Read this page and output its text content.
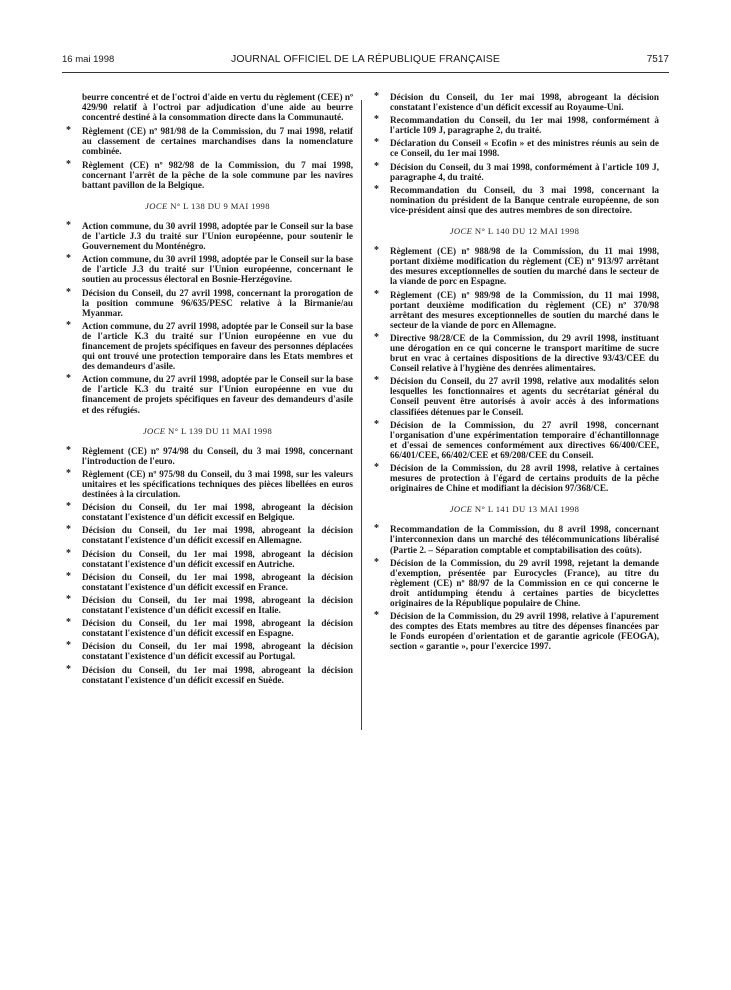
16 mai 1998	JOURNAL OFFICIEL DE LA RÉPUBLIQUE FRANÇAISE	7517
beurre concentré et de l'octroi d'aide en vertu du règlement (CEE) nº 429/90 relatif à l'octroi par adjudication d'une aide au beurre concentré destiné à la consommation directe dans la Communauté.
* Règlement (CE) nº 981/98 de la Commission, du 7 mai 1998, relatif au classement de certaines marchandises dans la nomenclature combinée.
* Règlement (CE) nº 982/98 de la Commission, du 7 mai 1998, concernant l'arrêt de la pêche de la sole commune par les navires battant pavillon de la Belgique.
JOCE N° L 138 DU 9 MAI 1998
* Action commune, du 30 avril 1998, adoptée par le Conseil sur la base de l'article J.3 du traité sur l'Union européenne, pour soutenir le Gouvernement du Monténégro.
* Action commune, du 30 avril 1998, adoptée par le Conseil sur la base de l'article J.3 du traité sur l'Union européenne, concernant le soutien au processus électoral en Bosnie-Herzégovine.
* Décision du Conseil, du 27 avril 1998, concernant la prorogation de la position commune 96/635/PESC relative à la Birmanie/au Myanmar.
* Action commune, du 27 avril 1998, adoptée par le Conseil sur la base de l'article K.3 du traité sur l'Union européenne en vue du financement de projets spécifiques en faveur des personnes déplacées qui ont trouvé une protection temporaire dans les Etats membres et des demandeurs d'asile.
* Action commune, du 27 avril 1998, adoptée par le Conseil sur la base de l'article K.3 du traité sur l'Union européenne en vue du financement de projets spécifiques en faveur des demandeurs d'asile et des réfugiés.
JOCE N° L 139 DU 11 MAI 1998
* Règlement (CE) nº 974/98 du Conseil, du 3 mai 1998, concernant l'introduction de l'euro.
* Règlement (CE) nº 975/98 du Conseil, du 3 mai 1998, sur les valeurs unitaires et les spécifications techniques des pièces libellées en euros destinées à la circulation.
* Décision du Conseil, du 1er mai 1998, abrogeant la décision constatant l'existence d'un déficit excessif en Belgique.
* Décision du Conseil, du 1er mai 1998, abrogeant la décision constatant l'existence d'un déficit excessif en Allemagne.
* Décision du Conseil, du 1er mai 1998, abrogeant la décision constatant l'existence d'un déficit excessif en Autriche.
* Décision du Conseil, du 1er mai 1998, abrogeant la décision constatant l'existence d'un déficit excessif en France.
* Décision du Conseil, du 1er mai 1998, abrogeant la décision constatant l'existence d'un déficit excessif en Italie.
* Décision du Conseil, du 1er mai 1998, abrogeant la décision constatant l'existence d'un déficit excessif en Espagne.
* Décision du Conseil, du 1er mai 1998, abrogeant la décision constatant l'existence d'un déficit excessif au Portugal.
* Décision du Conseil, du 1er mai 1998, abrogeant la décision constatant l'existence d'un déficit excessif en Suède.
* Décision du Conseil, du 1er mai 1998, abrogeant la décision constatant l'existence d'un déficit excessif au Royaume-Uni.
* Recommandation du Conseil, du 1er mai 1998, conformément à l'article 109 J, paragraphe 2, du traité.
* Déclaration du Conseil « Ecofin » et des ministres réunis au sein de ce Conseil, du 1er mai 1998.
* Décision du Conseil, du 3 mai 1998, conformément à l'article 109 J, paragraphe 4, du traité.
* Recommandation du Conseil, du 3 mai 1998, concernant la nomination du président de la Banque centrale européenne, de son vice-président ainsi que des autres membres de son directoire.
JOCE N° L 140 DU 12 MAI 1998
* Règlement (CE) nº 988/98 de la Commission, du 11 mai 1998, portant dixième modification du règlement (CE) nº 913/97 arrêtant des mesures exceptionnelles de soutien du marché dans le secteur de la viande de porc en Espagne.
* Règlement (CE) nº 989/98 de la Commission, du 11 mai 1998, portant deuxième modification du règlement (CE) nº 370/98 arrêtant des mesures exceptionnelles de soutien du marché dans le secteur de la viande de porc en Allemagne.
* Directive 98/28/CE de la Commission, du 29 avril 1998, instituant une dérogation en ce qui concerne le transport maritime de sucre brut en vrac à certaines dispositions de la directive 93/43/CEE du Conseil relative à l'hygiène des denrées alimentaires.
* Décision du Conseil, du 27 avril 1998, relative aux modalités selon lesquelles les fonctionnaires et agents du secrétariat général du Conseil peuvent être autorisés à avoir accès à des informations classifiées détenues par le Conseil.
* Décision de la Commission, du 27 avril 1998, concernant l'organisation d'une expérimentation temporaire d'échantillonnage et d'essai de semences conformément aux directives 66/400/CEE, 66/401/CEE, 66/402/CEE et 69/208/CEE du Conseil.
* Décision de la Commission, du 28 avril 1998, relative à certaines mesures de protection à l'égard de certains produits de la pêche originaires de Chine et modifiant la décision 97/368/CE.
JOCE N° L 141 DU 13 MAI 1998
* Recommandation de la Commission, du 8 avril 1998, concernant l'interconnexion dans un marché des télécommunications libéralisé (Partie 2. – Séparation comptable et comptabilisation des coûts).
* Décision de la Commission, du 29 avril 1998, rejetant la demande d'exemption, présentée par Eurocycles (France), au titre du règlement (CE) nº 88/97 de la Commission en ce qui concerne le droit antidumping étendu à certaines parties de bicyclettes originaires de la République populaire de Chine.
* Décision de la Commission, du 29 avril 1998, relative à l'apurement des comptes des Etats membres au titre des dépenses financées par le Fonds européen d'orientation et de garantie agricole (FEOGA), section « garantie », pour l'exercice 1997.
